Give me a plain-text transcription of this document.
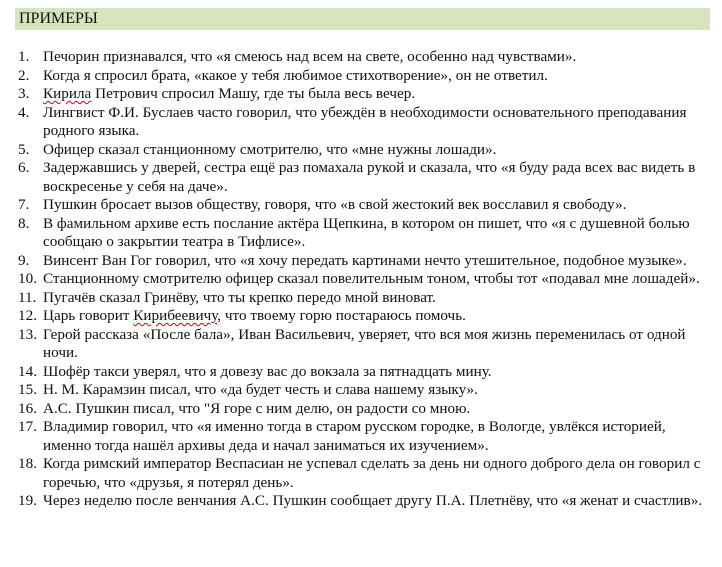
ПРИМЕРЫ
1. Печорин признавался, что «я смеюсь над всем на свете, особенно над чувствами».
2. Когда я спросил брата, «какое у тебя любимое стихотворение», он не ответил.
3. Кирила Петрович спросил Машу, где ты была весь вечер.
4. Лингвист Ф.И. Буслаев часто говорил, что убеждён в необходимости основательного преподавания родного языка.
5. Офицер сказал станционному смотрителю, что «мне нужны лошади».
6. Задержавшись у дверей, сестра ещё раз помахала рукой и сказала, что «я буду рада всех вас видеть в воскресенье у себя на даче».
7. Пушкин бросает вызов обществу, говоря, что «в свой жестокий век восславил я свободу».
8. В фамильном архиве есть послание актёра Щепкина, в котором он пишет, что «я с душевной болью сообщаю о закрытии театра в Тифлисе».
9. Винсент Ван Гог говорил, что «я хочу передать картинами нечто утешительное, подобное музыке».
10. Станционному смотрителю офицер сказал повелительным тоном, чтобы тот «подавал мне лошадей».
11. Пугачёв сказал Гринёву, что ты крепко передо мной виноват.
12. Царь говорит Кирибеевичу, что твоему горю постараюсь помочь.
13. Герой рассказа «После бала», Иван Васильевич, уверяет, что вся моя жизнь переменилась от одной ночи.
14. Шофёр такси уверял, что я довезу вас до вокзала за пятнадцать мину.
15. Н. М. Карамзин писал, что «да будет честь и слава нашему языку».
16. А.С. Пушкин писал, что "Я горе с ним делю, он радости со мною.
17. Владимир говорил, что «я именно тогда в старом русском городке, в Вологде, увлёкся историей, именно тогда нашёл архивы деда и начал заниматься их изучением».
18. Когда римский император Веспасиан не успевал сделать за день ни одного доброго дела он говорил с горечью, что «друзья, я потерял день».
19. Через неделю после венчания А.С. Пушкин сообщает другу П.А. Плетнёву, что «я женат и счастлив».
